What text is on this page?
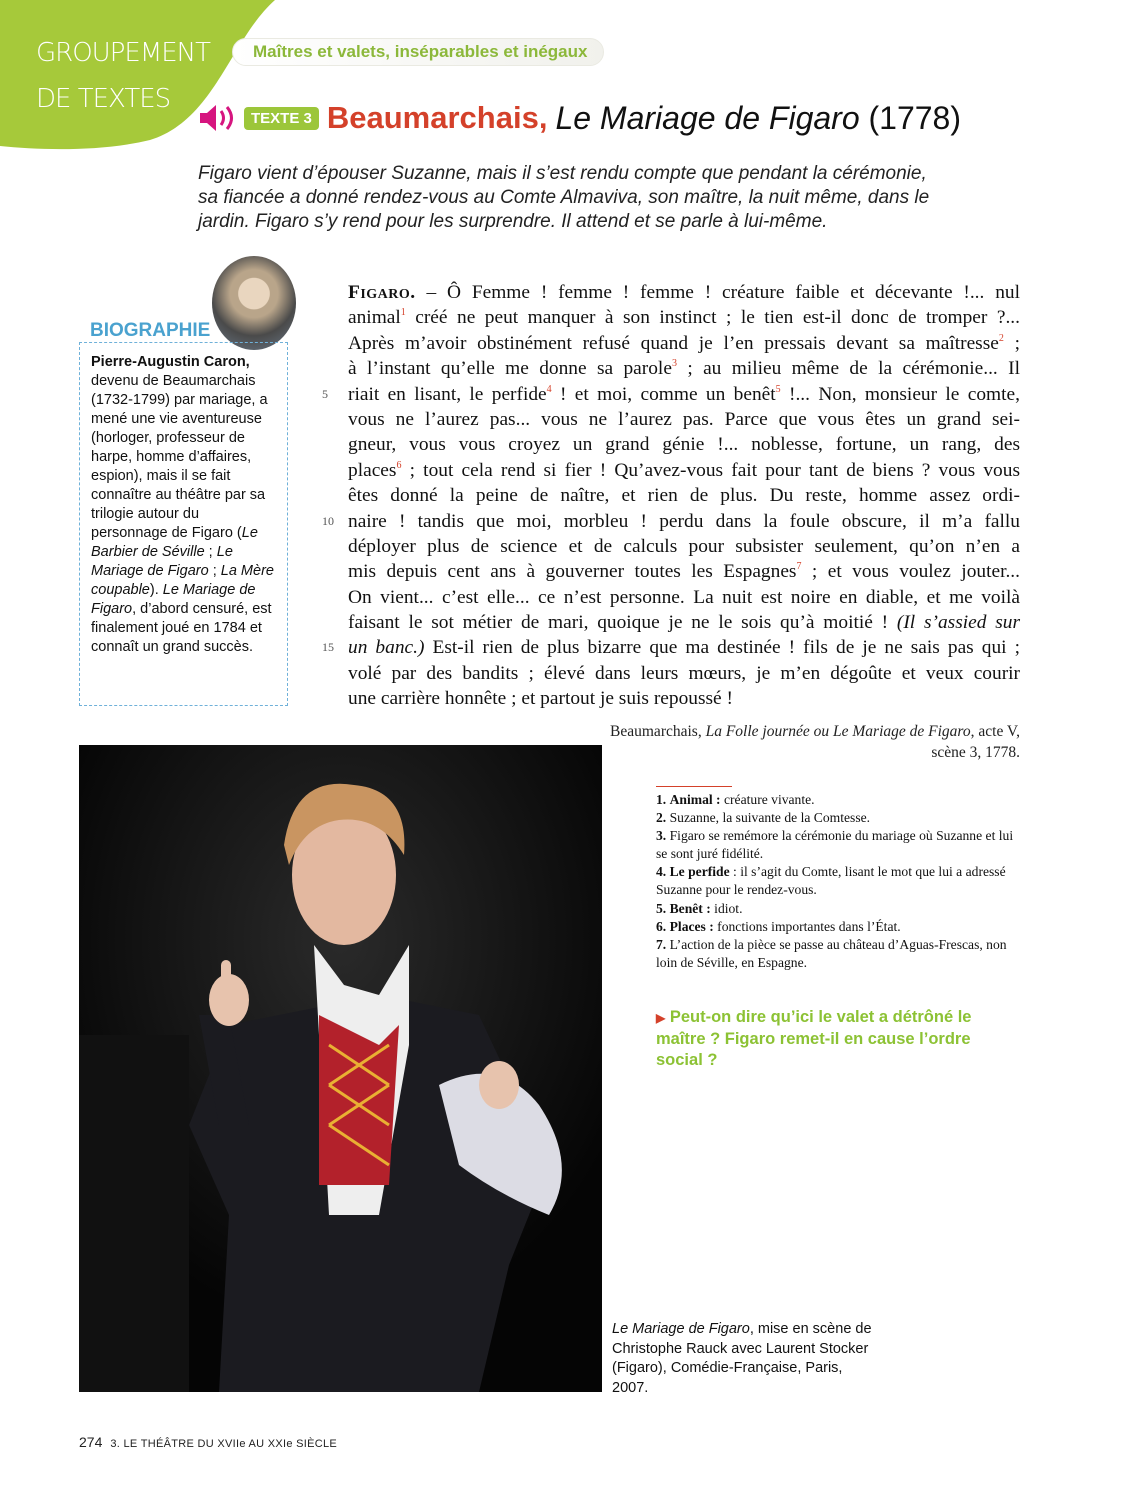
GROUPEMENT
DE TEXTES
Maîtres et valets, inséparables et inégaux
TEXTE 3 Beaumarchais , Le Mariage de Figaro (1778)

Figaro vient d’épouser Suzanne, mais il s’est rendu compte que pendant la cérémonie, sa fiancée a donné rendez-vous au Comte Almaviva, son maître, la nuit même, dans le jardin. Figaro s’y rend pour les surprendre. Il attend et se parle à lui-même.

BIOGRAPHIE
Pierre-Augustin Caron, devenu de Beaumarchais (1732-1799) par mariage, a mené une vie aventureuse (horloger, professeur de harpe, homme d’affaires, espion), mais il se fait connaître au théâtre par sa trilogie autour du personnage de Figaro (Le Barbier de Séville ; Le Mariage de Figaro ; La Mère coupable). Le Mariage de Figaro, d’abord censuré, est finalement joué en 1784 et connaît un grand succès.
Figaro. – Ô Femme ! femme ! femme ! créature faible et décevante !... nul
animal$^1$ créé ne peut manquer à son instinct ; le tien est-il donc de tromper ?...
Après m’avoir obstinément refusé quand je l’en pressais devant sa maîtresse$^2$ ;
à l’instant qu’elle me donne sa parole$^3$ ; au milieu même de la cérémonie... Il
5 riait en lisant, le perfide$^4$ ! et moi, comme un benêt$^5$ !... Non, monsieur le comte,
vous ne l’aurez pas... vous ne l’aurez pas. Parce que vous êtes un grand sei-
gneur, vous vous croyez un grand génie !... noblesse, fortune, un rang, des
places$^6$ ; tout cela rend si fier ! Qu’avez-vous fait pour tant de biens ? vous vous
êtes donné la peine de naître, et rien de plus. Du reste, homme assez ordi-
10 naire ! tandis que moi, morbleu ! perdu dans la foule obscure, il m’a fallu
déployer plus de science et de calculs pour subsister seulement, qu’on n’en a
mis depuis cent ans à gouverner toutes les Espagnes$^7$ ; et vous voulez jouter...
On vient... c’est elle... ce n’est personne. La nuit est noire en diable, et me voilà
faisant le sot métier de mari, quoique je ne le sois qu’à moitié ! (Il s’assied sur
15 un banc.) Est-il rien de plus bizarre que ma destinée ! fils de je ne sais pas qui ;
volé par des bandits ; élevé dans leurs mœurs, je m’en dégoûte et veux courir
une carrière honnête ; et partout je suis repoussé !
Beaumarchais, La Folle journée ou Le Mariage de Figaro, acte V, scène 3, 1778.
1. Animal : créature vivante.
2. Suzanne, la suivante de la Comtesse.
3. Figaro se remémore la cérémonie du mariage où Suzanne et lui se sont juré fidélité.
4. Le perfide : il s’agit du Comte, lisant le mot que lui a adressé Suzanne pour le rendez-vous.
5. Benêt : idiot.
6. Places : fonctions importantes dans l’État.
7. L’action de la pièce se passe au château d’Aguas-Frescas, non loin de Séville, en Espagne.
▶ Peut-on dire qu’ici le valet a détrôné le maître ? Figaro remet-il en cause l’ordre social ?
Le Mariage de Figaro, mise en scène de Christophe Rauck avec Laurent Stocker (Figaro), Comédie-Française, Paris, 2007.
274 3. LE THÉÂTRE DU XVIIe AU XXIe SIÈCLE
